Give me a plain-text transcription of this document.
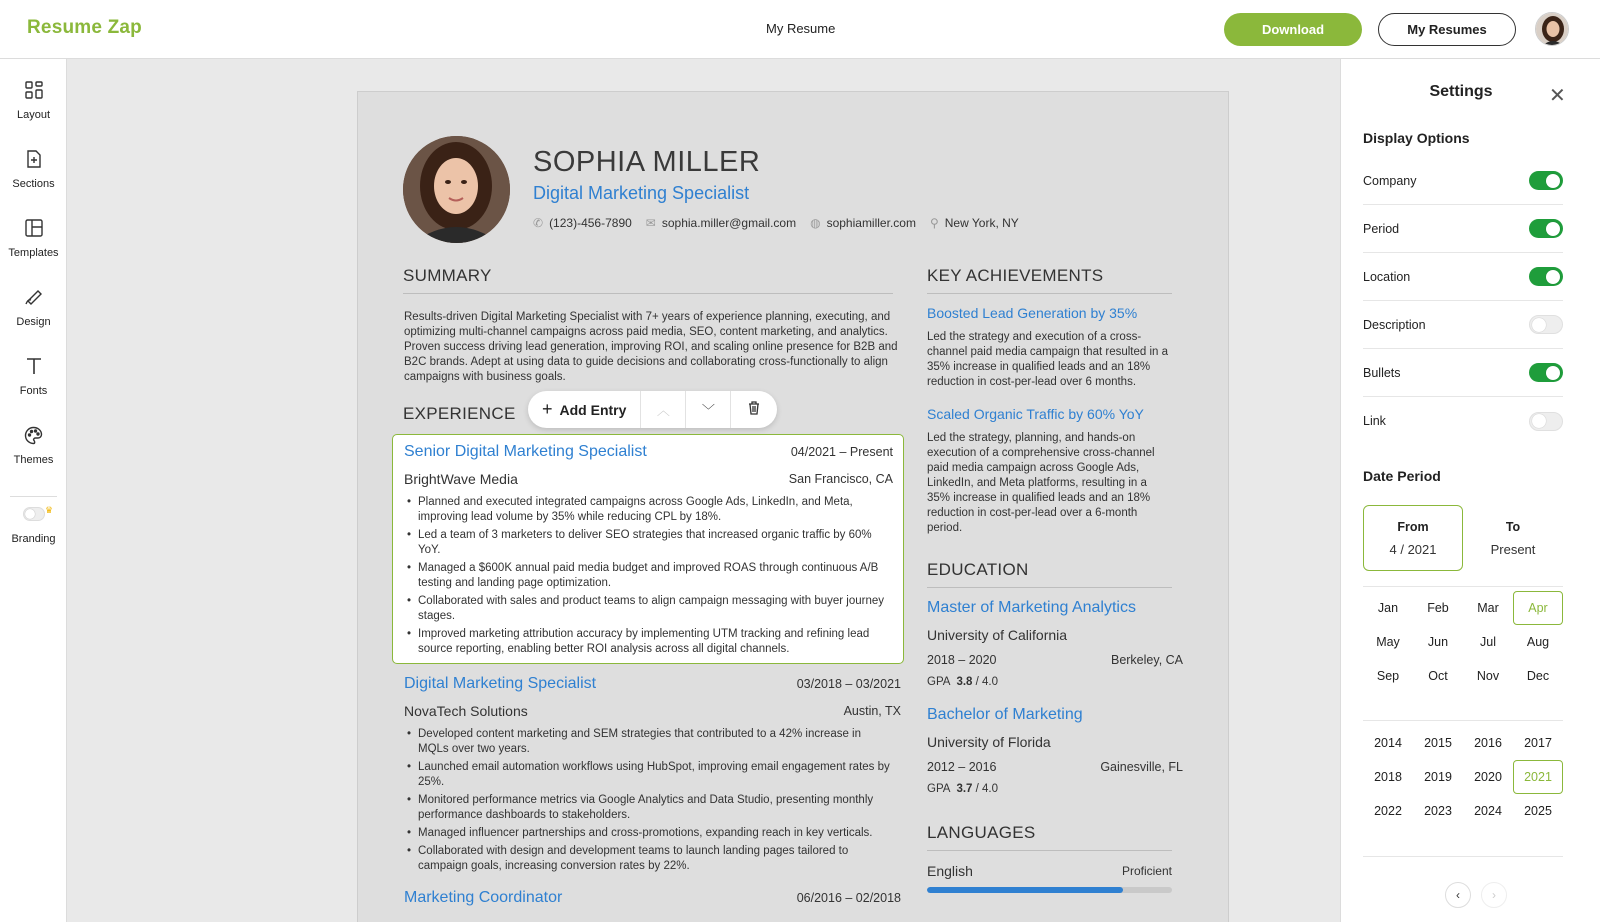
Resume Zap	My Resume	Download	My Resumes
Layout
Sections
Templates
Design
Fonts
Themes
♛
Branding
SOPHIA MILLER
Digital Marketing Specialist
✆ (123)-456-7890 ✉ sophia.miller@gmail.com ◍ sophiamiller.com ⚲ New York, NY
SUMMARY
Results-driven Digital Marketing Specialist with 7+ years of experience planning, executing, and optimizing multi-channel campaigns across paid media, SEO, content marketing, and analytics. Proven success driving lead generation, improving ROI, and scaling online presence for B2B and B2C brands. Adept at using data to guide decisions and collaborating cross-functionally to align campaigns with business goals.
EXPERIENCE + Add Entry ︿ ﹀
Senior Digital Marketing Specialist	04/2021 – Present
BrightWave Media	San Francisco, CA
• Planned and executed integrated campaigns across Google Ads, LinkedIn, and Meta, improving lead volume by 35% while reducing CPL by 18%.
• Led a team of 3 marketers to deliver SEO strategies that increased organic traffic by 60% YoY.
• Managed a $600K annual paid media budget and improved ROAS through continuous A/B testing and landing page optimization.
• Collaborated with sales and product teams to align campaign messaging with buyer journey stages.
• Improved marketing attribution accuracy by implementing UTM tracking and refining lead source reporting, enabling better ROI analysis across all digital channels.
Digital Marketing Specialist	03/2018 – 03/2021
NovaTech Solutions	Austin, TX
• Developed content marketing and SEM strategies that contributed to a 42% increase in MQLs over two years.
• Launched email automation workflows using HubSpot, improving email engagement rates by 25%.
• Monitored performance metrics via Google Analytics and Data Studio, presenting monthly performance dashboards to stakeholders.
• Managed influencer partnerships and cross-promotions, expanding reach in key verticals.
• Collaborated with design and development teams to launch landing pages tailored to campaign goals, increasing conversion rates by 22%.
Marketing Coordinator	06/2016 – 02/2018
KEY ACHIEVEMENTS
Boosted Lead Generation by 35%
Led the strategy and execution of a cross-channel paid media campaign that resulted in a 35% increase in qualified leads and an 18% reduction in cost-per-lead over 6 months.
Scaled Organic Traffic by 60% YoY
Led the strategy, planning, and hands-on execution of a comprehensive cross-channel paid media campaign across Google Ads, LinkedIn, and Meta platforms, resulting in a 35% increase in qualified leads and an 18% reduction in cost-per-lead over a 6-month period.
EDUCATION
Master of Marketing Analytics
University of California
2018 – 2020	Berkeley, CA
GPA 3.8 / 4.0
Bachelor of Marketing
University of Florida
2012 – 2016	Gainesville, FL
GPA 3.7 / 4.0
LANGUAGES
English	Proficient
Settings	✕
Display Options
Company
Period
Location
Description
Bullets
Link
Date Period
From
4 / 2021
To
Present
Jan	Feb	Mar	Apr
May	Jun	Jul	Aug
Sep	Oct	Nov	Dec
2014	2015	2016	2017
2018	2019	2020	2021
2022	2023	2024	2025
‹	›
